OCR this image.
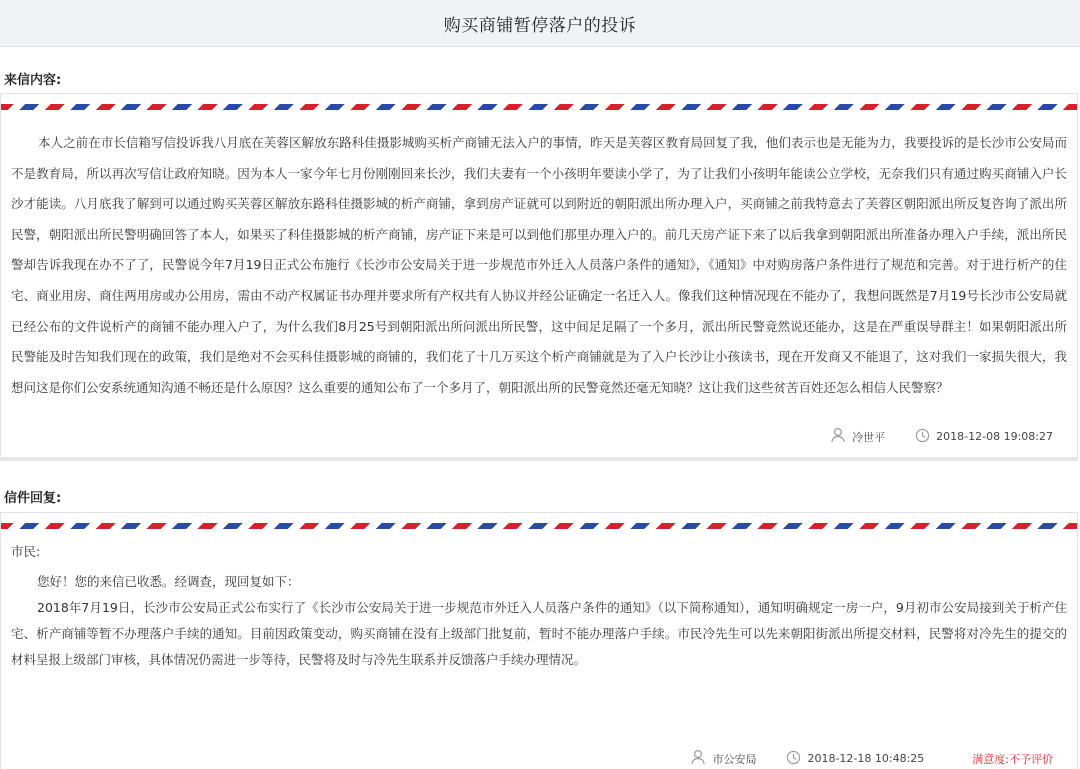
购买商铺暂停落户的投诉
来信内容:
本人之前在市长信箱写信投诉我八月底在芙蓉区解放东路科佳摄影城购买析产商铺无法入户的事情，昨天是芙蓉区教育局回复了我，他们表示也是无能为力，我要投诉的是长沙市公安局而不是教育局，所以再次写信让政府知晓。因为本人一家今年七月份刚刚回来长沙，我们夫妻有一个小孩明年要读小学了，为了让我们小孩明年能读公立学校，无奈我们只有通过购买商铺入户长沙才能读。八月底我了解到可以通过购买芙蓉区解放东路科佳摄影城的析产商铺，拿到房产证就可以到附近的朝阳派出所办理入户，买商铺之前我特意去了芙蓉区朝阳派出所反复咨询了派出所民警，朝阳派出所民警明确回答了本人，如果买了科佳摄影城的析产商铺，房产证下来是可以到他们那里办理入户的。前几天房产证下来了以后我拿到朝阳派出所准备办理入户手续，派出所民警却告诉我现在办不了了，民警说今年7月19日正式公布施行《长沙市公安局关于进一步规范市外迁入人员落户条件的通知》，《通知》中对购房落户条件进行了规范和完善。对于进行析产的住宅、商业用房、商住两用房或办公用房，需由不动产权属证书办理并要求所有产权共有人协议并经公证确定一名迁入人。像我们这种情况现在不能办了，我想问既然是7月19号长沙市公安局就已经公布的文件说析产的商铺不能办理入户了，为什么我们8月25号到朝阳派出所问派出所民警，这中间足足隔了一个多月，派出所民警竟然说还能办，这是在严重误导群主！如果朝阳派出所民警能及时告知我们现在的政策，我们是绝对不会买科佳摄影城的商铺的，我们花了十几万买这个析产商铺就是为了入户长沙让小孩读书，现在开发商又不能退了，这对我们一家损失很大，我想问这是你们公安系统通知沟通不畅还是什么原因？这么重要的通知公布了一个多月了，朝阳派出所的民警竟然还毫无知晓？这让我们这些贫苦百姓还怎么相信人民警察？
冷世平	2018-12-08 19:08:27
信件回复:

市民:

您好！您的来信已收悉。经调查，现回复如下：

2018年7月19日，长沙市公安局正式公布实行了《长沙市公安局关于进一步规范市外迁入人员落户条件的通知》（以下简称通知），通知明确规定一房一户，9月初市公安局接到关于析产住宅、析产商铺等暂不办理落户手续的通知。目前因政策变动，购买商铺在没有上级部门批复前，暂时不能办理落户手续。市民冷先生可以先来朝阳街派出所提交材料，民警将对冷先生的提交的材料呈报上级部门审核，具体情况仍需进一步等待，民警将及时与冷先生联系并反馈落户手续办理情况。

市公安局	2018-12-18 10:48:25	满意度: 不予评价
